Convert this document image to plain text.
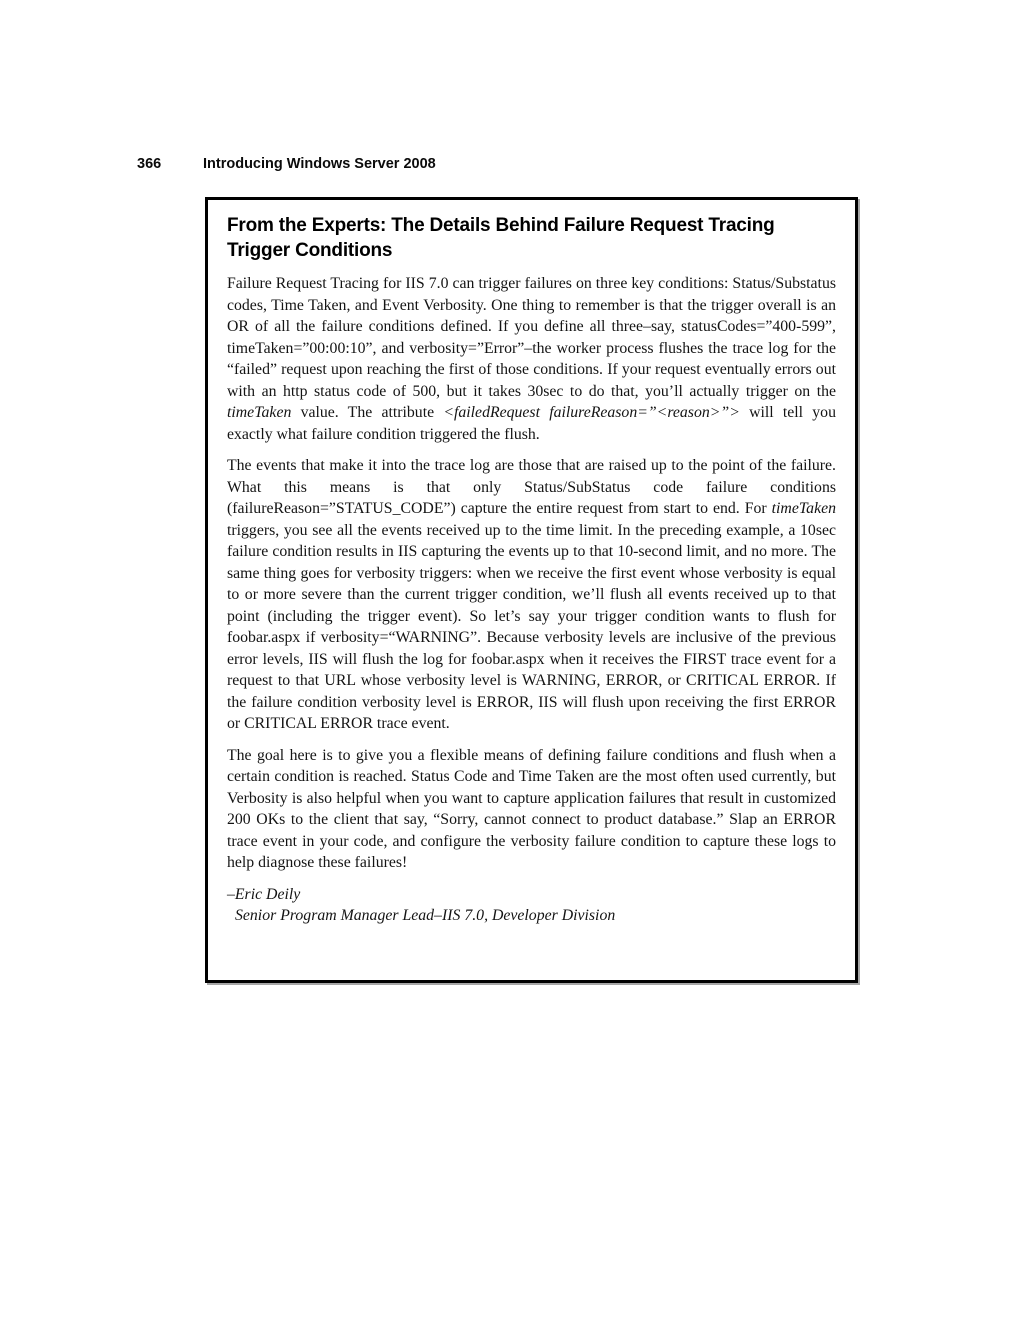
366	Introducing Windows Server 2008
From the Experts: The Details Behind Failure Request Tracing Trigger Conditions

Failure Request Tracing for IIS 7.0 can trigger failures on three key conditions: Status/Substatus codes, Time Taken, and Event Verbosity. One thing to remember is that the trigger overall is an OR of all the failure conditions defined. If you define all three–say, statusCodes=”400-599”, timeTaken=”00:00:10”, and verbosity=”Error”–the worker process flushes the trace log for the “failed” request upon reaching the first of those conditions. If your request eventually errors out with an http status code of 500, but it takes 30sec to do that, you’ll actually trigger on the timeTaken value. The attribute <failedRequest failureReason=”<reason>”> will tell you exactly what failure condition triggered the flush.

The events that make it into the trace log are those that are raised up to the point of the failure. What this means is that only Status/SubStatus code failure conditions (failureReason=”STATUS_CODE”) capture the entire request from start to end. For timeTaken triggers, you see all the events received up to the time limit. In the preceding example, a 10sec failure condition results in IIS capturing the events up to that 10-second limit, and no more. The same thing goes for verbosity triggers: when we receive the first event whose verbosity is equal to or more severe than the current trigger condition, we’ll flush all events received up to that point (including the trigger event). So let’s say your trigger condition wants to flush for foobar.aspx if verbosity=“WARNING”. Because verbosity levels are inclusive of the previous error levels, IIS will flush the log for foobar.aspx when it receives the FIRST trace event for a request to that URL whose verbosity level is WARNING, ERROR, or CRITICAL ERROR. If the failure condition verbosity level is ERROR, IIS will flush upon receiving the first ERROR or CRITICAL ERROR trace event.

The goal here is to give you a flexible means of defining failure conditions and flush when a certain condition is reached. Status Code and Time Taken are the most often used currently, but Verbosity is also helpful when you want to capture application failures that result in customized 200 OKs to the client that say, “Sorry, cannot connect to product database.” Slap an ERROR trace event in your code, and configure the verbosity failure condition to capture these logs to help diagnose these failures!

–Eric Deily
Senior Program Manager Lead–IIS 7.0, Developer Division
